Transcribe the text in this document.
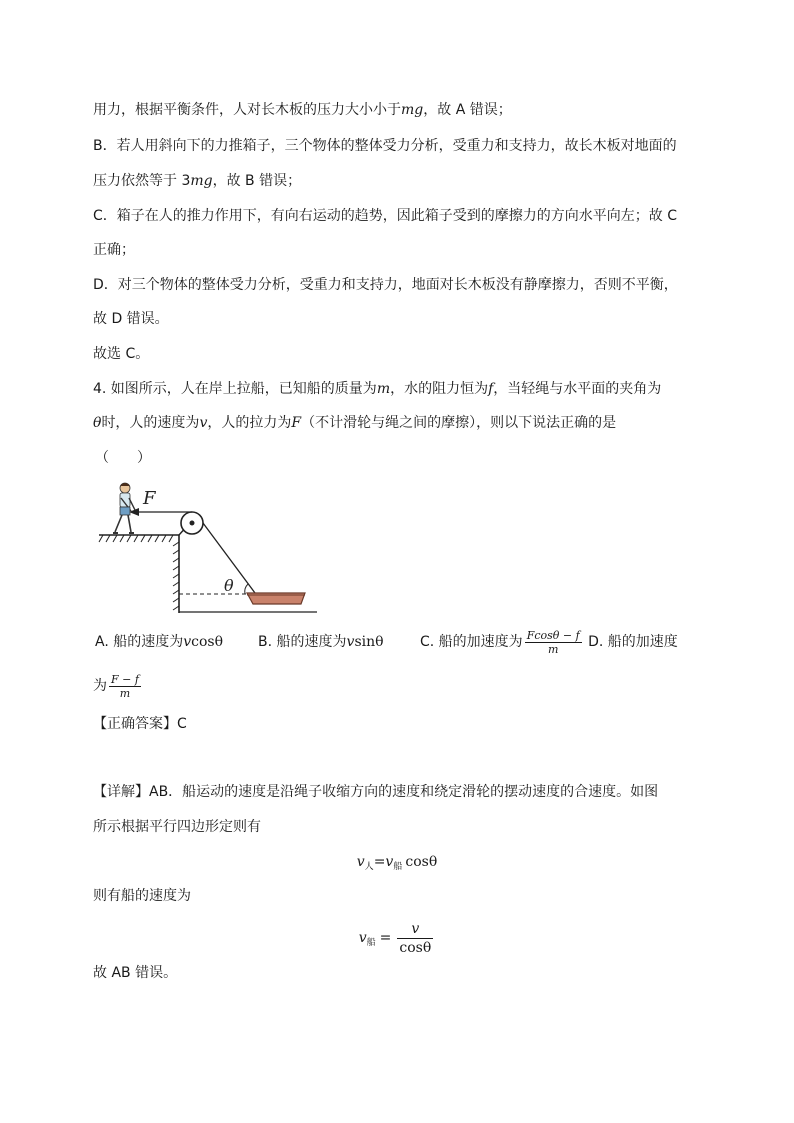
用力，根据平衡条件，人对长木板的压力大小小于mg，故 A 错误；
B．若人用斜向下的力推箱子，三个物体的整体受力分析，受重力和支持力，故长木板对地面的
压力依然等于 3mg，故 B 错误；
C．箱子在人的推力作用下，有向右运动的趋势，因此箱子受到的摩擦力的方向水平向左；故 C
正确；
D．对三个物体的整体受力分析，受重力和支持力，地面对长木板没有静摩擦力，否则不平衡，
故 D 错误。
故选 C。
4. 如图所示，人在岸上拉船，已知船的质量为m，水的阻力恒为f，当轻绳与水平面的夹角为
θ时，人的速度为v，人的拉力为F（不计滑轮与绳之间的摩擦），则以下说法正确的是
（　　）
F
θ
A. 船的速度为vcosθ B. 船的速度为vsinθ	C. 船的加速度为 $\frac{Fcos\theta - f}{m} D$. 船的加速度
为 $\frac{F - f}{m}$
【正确答案】C
【详解】AB．船运动的速度是沿绳子收缩方向的速度和绕定滑轮的摆动速度的合速度。如图
所示根据平行四边形定则有
$v_人=v_船$ cosθ
则有船的速度为
$v_船 = \frac{v}{\cos\theta}$
故 AB 错误。
